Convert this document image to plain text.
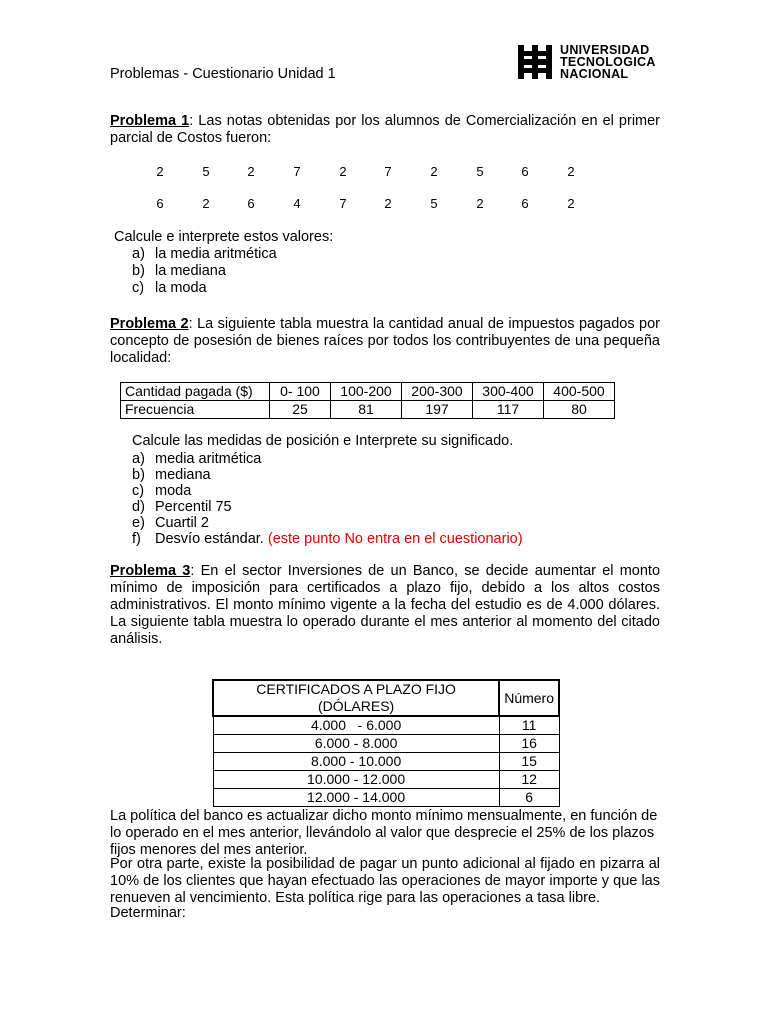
Problemas - Cuestionario Unidad 1
UNIVERSIDAD
TECNOLOGICA
NACIONAL
Problema 1: Las notas obtenidas por los alumnos de Comercialización en el primer parcial de Costos fueron:
2	5	2	7	2	7	2	5	6	2
6	2	6	4	7	2	5	2	6	2
Calcule e interprete estos valores:
a) la media aritmética
b) la mediana
c) la moda
Problema 2: La siguiente tabla muestra la cantidad anual de impuestos pagados por concepto de posesión de bienes raíces por todos los contribuyentes de una pequeña localidad:
Cantidad pagada ($)	0- 100	100-200	200-300	300-400	400-500
Frecuencia	25	81	197	117	80
Calcule las medidas de posición e Interprete su significado.
a) media aritmética
b) mediana
c) moda
d) Percentil 75
e) Cuartil 2
f) Desvío estándar.
(este punto No entra en el cuestionario)
Problema 3: En el sector Inversiones de un Banco, se decide aumentar el monto mínimo de imposición para certificados a plazo fijo, debido a los altos costos administrativos. El monto mínimo vigente a la fecha del estudio es de 4.000 dólares. La siguiente tabla muestra lo operado durante el mes anterior al momento del citado análisis.
CERTIFICADOS A PLAZO FIJO (DÓLARES)	Número
4.000   - 6.000	11
6.000 - 8.000	16
8.000 - 10.000	15
10.000 - 12.000	12
12.000 - 14.000	6
La política del banco es actualizar dicho monto mínimo mensualmente, en función de lo operado en el mes anterior, llevándolo al valor que desprecie el 25% de los plazos fijos menores del mes anterior.
Por otra parte, existe la posibilidad de pagar un punto adicional al fijado en pizarra al 10% de los clientes que hayan efectuado las operaciones de mayor importe y que las renueven al vencimiento. Esta política rige para las operaciones a tasa libre.
Determinar:
